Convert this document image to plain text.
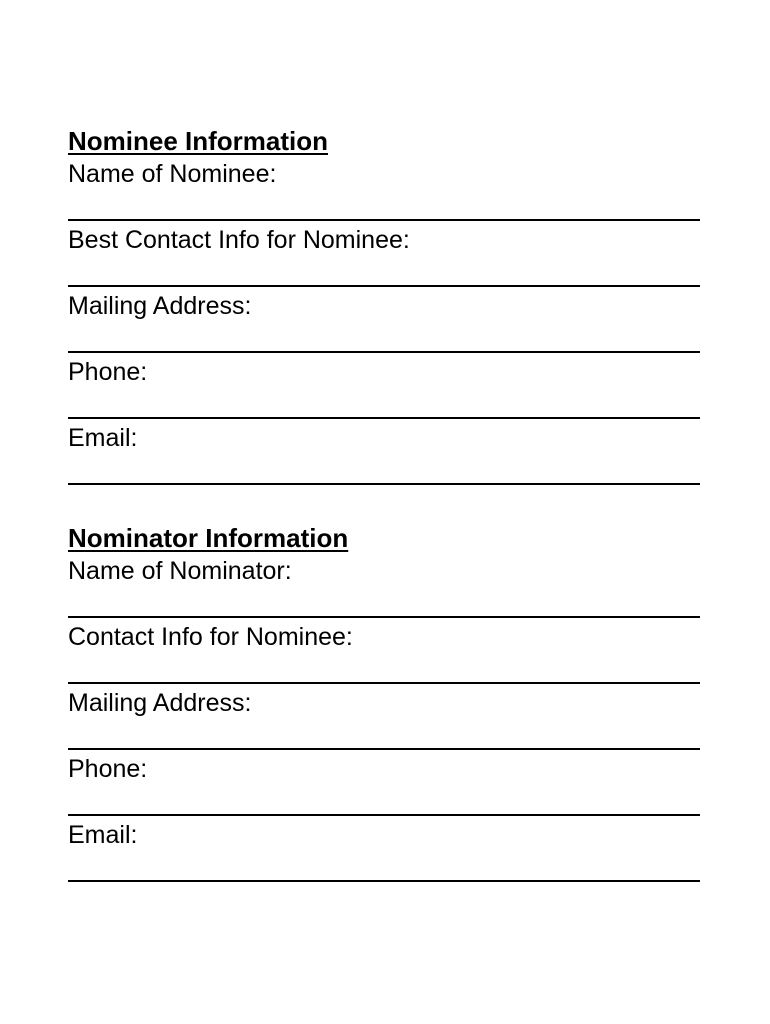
Nominee Information
Name of Nominee:
Best Contact Info for Nominee:
Mailing Address:
Phone:
Email:
Nominator Information
Name of Nominator:
Contact Info for Nominee:
Mailing Address:
Phone:
Email:
